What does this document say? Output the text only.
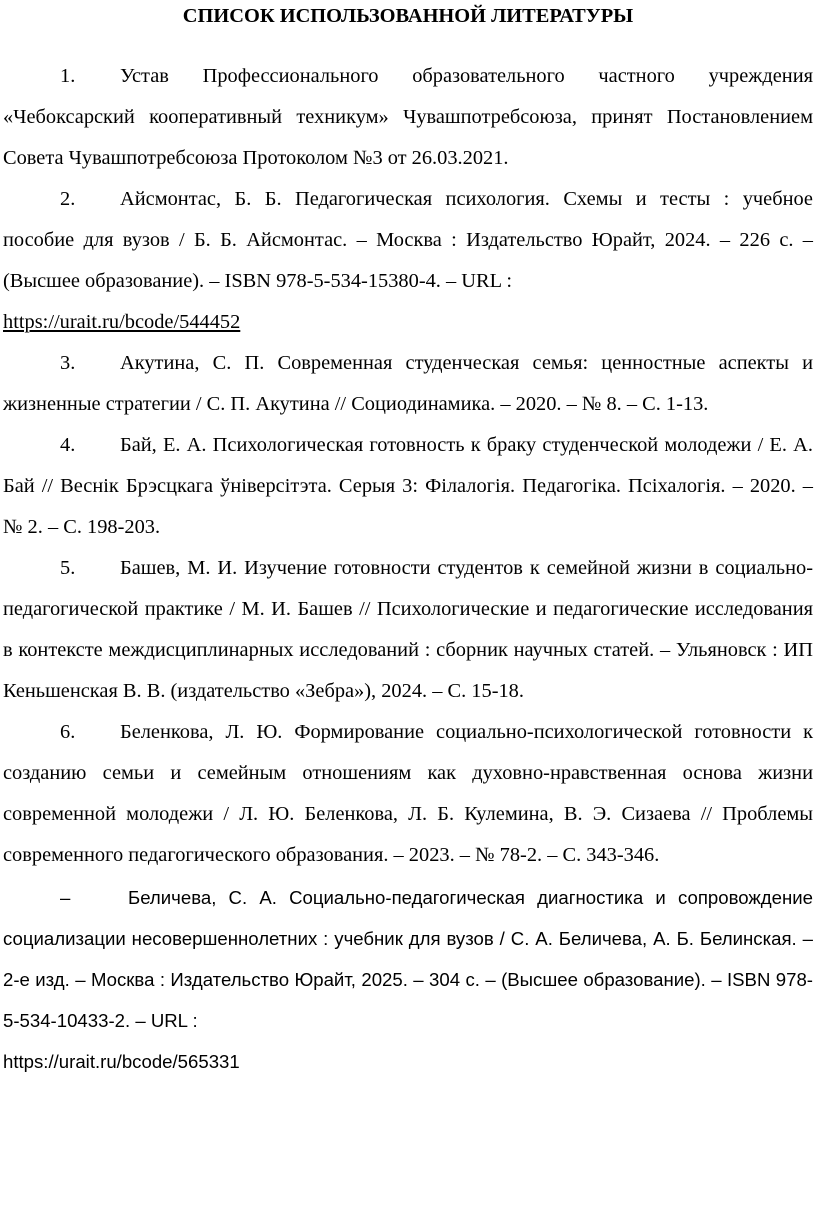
СПИСОК ИСПОЛЬЗОВАННОЙ ЛИТЕРАТУРЫ

1. Устав Профессионального образовательного частного учреждения «Чебоксарский кооперативный техникум» Чувашпотребсоюза, принят Постановлением Совета Чувашпотребсоюза Протоколом №3 от 26.03.2021.

2. Айсмонтас, Б. Б. Педагогическая психология. Схемы и тесты : учебное пособие для вузов / Б. Б. Айсмонтас. – Москва : Издательство Юрайт, 2024. – 226 с. – (Высшее образование). – ISBN 978-5-534-15380-4. – URL :
https://urait.ru/bcode/544452

3. Акутина, С. П. Современная студенческая семья: ценностные аспекты и жизненные стратегии / С. П. Акутина // Социодинамика. – 2020. – № 8. – С. 1-13.

4. Бай, Е. А. Психологическая готовность к браку студенческой молодежи / Е. А. Бай // Веснік Брэсцкага ўніверсітэта. Серыя 3: Філалогія. Педагогіка. Псіхалогія. – 2020. – № 2. – С. 198-203.

5. Башев, М. И. Изучение готовности студентов к семейной жизни в социально-педагогической практике / М. И. Башев // Психологические и педагогические исследования в контексте междисциплинарных исследований : сборник научных статей. – Ульяновск : ИП Кеньшенская В. В. (издательство «Зебра»), 2024. – С. 15-18.

6. Беленкова, Л. Ю. Формирование социально-психологической готовности к созданию семьи и семейным отношениям как духовно-нравственная основа жизни современной молодежи / Л. Ю. Беленкова, Л. Б. Кулемина, В. Э. Сизаева // Проблемы современного педагогического образования. – 2023. – № 78-2. – С. 343-346.

–	Беличева, С. А. Социально-педагогическая диагностика и сопровождение социализации несовершеннолетних : учебник для вузов / С. А. Беличева, А. Б. Белинская. – 2-е изд. – Москва : Издательство Юрайт, 2025. – 304 с. – (Высшее образование). – ISBN 978-5-534-10433-2. – URL :
https://urait.ru/bcode/565331
